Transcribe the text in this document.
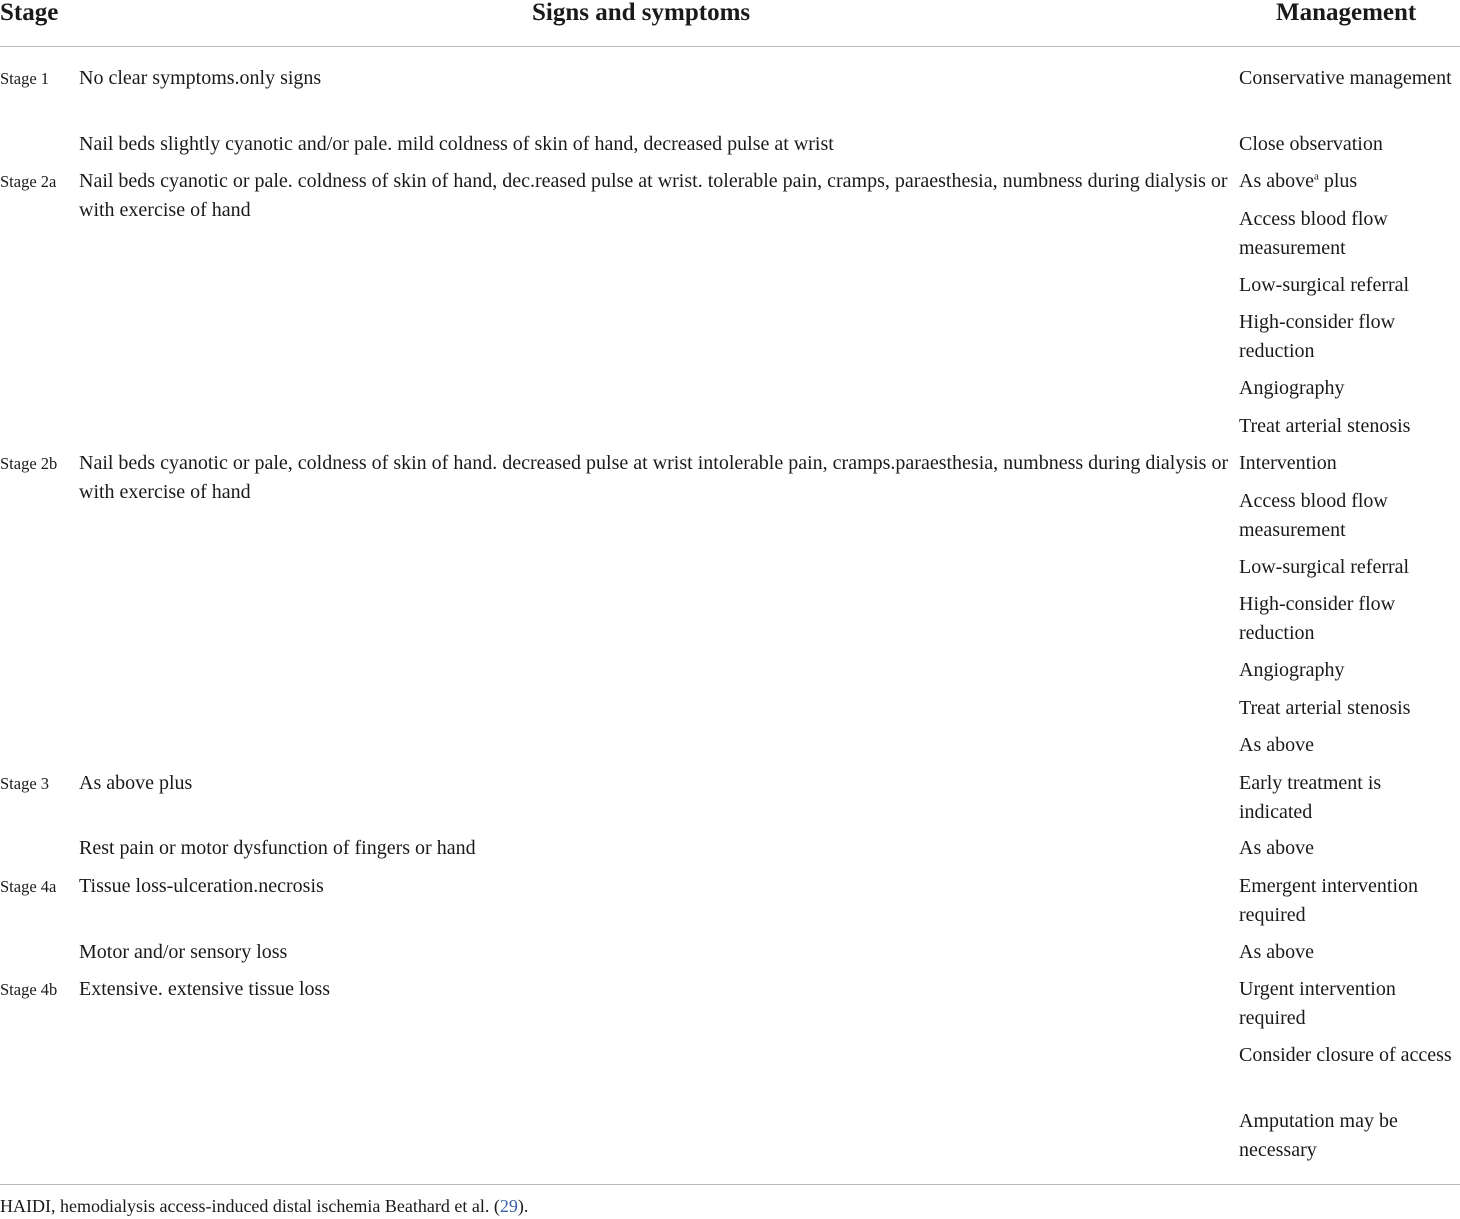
Stage	Signs and symptoms	Management
Stage 1
Stage 2a
Stage 2b
Stage 3
Stage 4a
Stage 4b
No clear symptoms.only signs
Nail beds slightly cyanotic and/or pale. mild coldness of skin of hand, decreased pulse at wrist
Nail beds cyanotic or pale. coldness of skin of hand, dec.reased pulse at wrist. tolerable pain, cramps, paraesthesia, numbness during dialysis or with exercise of hand
Nail beds cyanotic or pale, coldness of skin of hand. decreased pulse at wrist intolerable pain, cramps.paraesthesia, numbness during dialysis or with exercise of hand
As above plus
Rest pain or motor dysfunction of fingers or hand
Tissue loss-ulceration.necrosis
Motor and/or sensory loss
Extensive. extensive tissue loss
Conservative management
Close observation
As above$^a$ plus
Access blood flow measurement
Low-surgical referral
High-consider flow reduction
Angiography
Treat arterial stenosis
Intervention
Access blood flow measurement
Low-surgical referral
High-consider flow reduction
Angiography
Treat arterial stenosis
As above
Early treatment is indicated
As above
Emergent intervention required
As above
Urgent intervention required
Consider closure of access
Amputation may be necessary
HAIDI, hemodialysis access-induced distal ischemia Beathard et al. (29).
